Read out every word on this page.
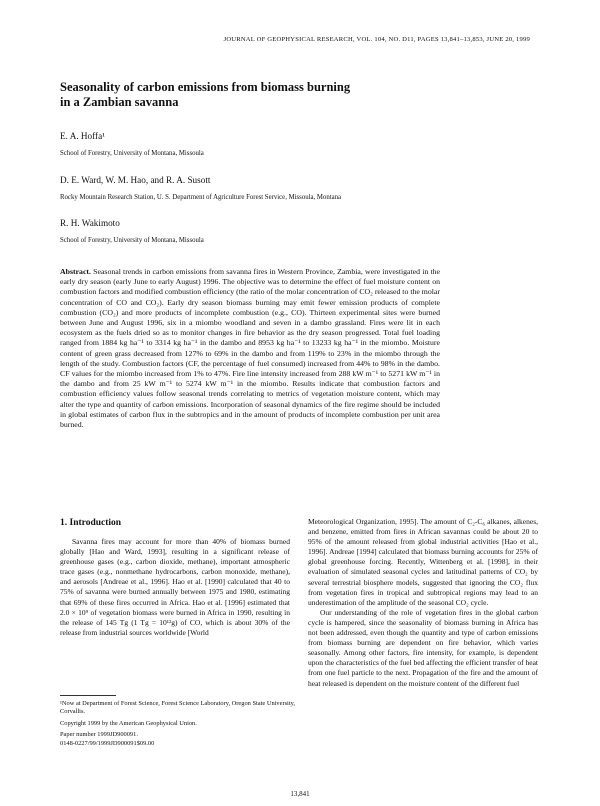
JOURNAL OF GEOPHYSICAL RESEARCH, VOL. 104, NO. D11, PAGES 13,841–13,853, JUNE 20, 1999
Seasonality of carbon emissions from biomass burning
in a Zambian savanna
E. A. Hoffa¹
School of Forestry, University of Montana, Missoula
D. E. Ward, W. M. Hao, and R. A. Susott
Rocky Mountain Research Station, U. S. Department of Agriculture Forest Service, Missoula, Montana
R. H. Wakimoto
School of Forestry, University of Montana, Missoula
Abstract. Seasonal trends in carbon emissions from savanna fires in Western Province, Zambia, were investigated in the early dry season (early June to early August) 1996. The objective was to determine the effect of fuel moisture content on combustion factors and modified combustion efficiency (the ratio of the molar concentration of CO₂ released to the molar concentration of CO and CO₂). Early dry season biomass burning may emit fewer emission products of complete combustion (CO₂) and more products of incomplete combustion (e.g., CO). Thirteen experimental sites were burned between June and August 1996, six in a miombo woodland and seven in a dambo grassland. Fires were lit in each ecosystem as the fuels dried so as to monitor changes in fire behavior as the dry season progressed. Total fuel loading ranged from 1884 kg ha⁻¹ to 3314 kg ha⁻¹ in the dambo and 8953 kg ha⁻¹ to 13233 kg ha⁻¹ in the miombo. Moisture content of green grass decreased from 127% to 69% in the dambo and from 119% to 23% in the miombo through the length of the study. Combustion factors (CF, the percentage of fuel consumed) increased from 44% to 98% in the dambo. CF values for the miombo increased from 1% to 47%. Fire line intensity increased from 288 kW m⁻¹ to 5271 kW m⁻¹ in the dambo and from 25 kW m⁻¹ to 5274 kW m⁻¹ in the miombo. Results indicate that combustion factors and combustion efficiency values follow seasonal trends correlating to metrics of vegetation moisture content, which may alter the type and quantity of carbon emissions. Incorporation of seasonal dynamics of the fire regime should be included in global estimates of carbon flux in the subtropics and in the amount of products of incomplete combustion per unit area burned.
1. Introduction

Savanna fires may account for more than 40% of biomass burned globally [Hao and Ward, 1993], resulting in a significant release of greenhouse gases (e.g., carbon dioxide, methane), important atmospheric trace gases (e.g., nonmethane hydrocarbons, carbon monoxide, methane), and aerosols [Andreae et al., 1996]. Hao et al. [1990] calculated that 40 to 75% of savanna were burned annually between 1975 and 1980, estimating that 69% of these fires occurred in Africa. Hao et al. [1996] estimated that 2.0 × 10⁹ of vegetation biomass were burned in Africa in 1990, resulting in the release of 145 Tg (1 Tg = 10¹²g) of CO, which is about 30% of the release from industrial sources worldwide [World

Meteorological Organization, 1995]. The amount of C₂-C₆ alkanes, alkenes, and benzene, emitted from fires in African savannas could be about 20 to 95% of the amount released from global industrial activities [Hao et al., 1996]. Andreae [1994] calculated that biomass burning accounts for 25% of global greenhouse forcing. Recently, Wittenberg et al. [1998], in their evaluation of simulated seasonal cycles and latitudinal patterns of CO₂ by several terrestrial biosphere models, suggested that ignoring the CO₂ flux from vegetation fires in tropical and subtropical regions may lead to an underestimation of the amplitude of the seasonal CO₂ cycle.

Our understanding of the role of vegetation fires in the global carbon cycle is hampered, since the seasonality of biomass burning in Africa has not been addressed, even though the quantity and type of carbon emissions from biomass burning are dependent on fire behavior, which varies seasonally. Among other factors, fire intensity, for example, is dependent upon the characteristics of the fuel bed affecting the efficient transfer of heat from one fuel particle to the next. Propagation of the fire and the amount of heat released is dependent on the moisture content of the different fuel

¹Now at Department of Forest Science, Forest Science Laboratory, Oregon State University, Corvallis.

Copyright 1999 by the American Geophysical Union.

Paper number 1999JD900091.
0148-0227/99/1999JD900091$09.00

13,841
